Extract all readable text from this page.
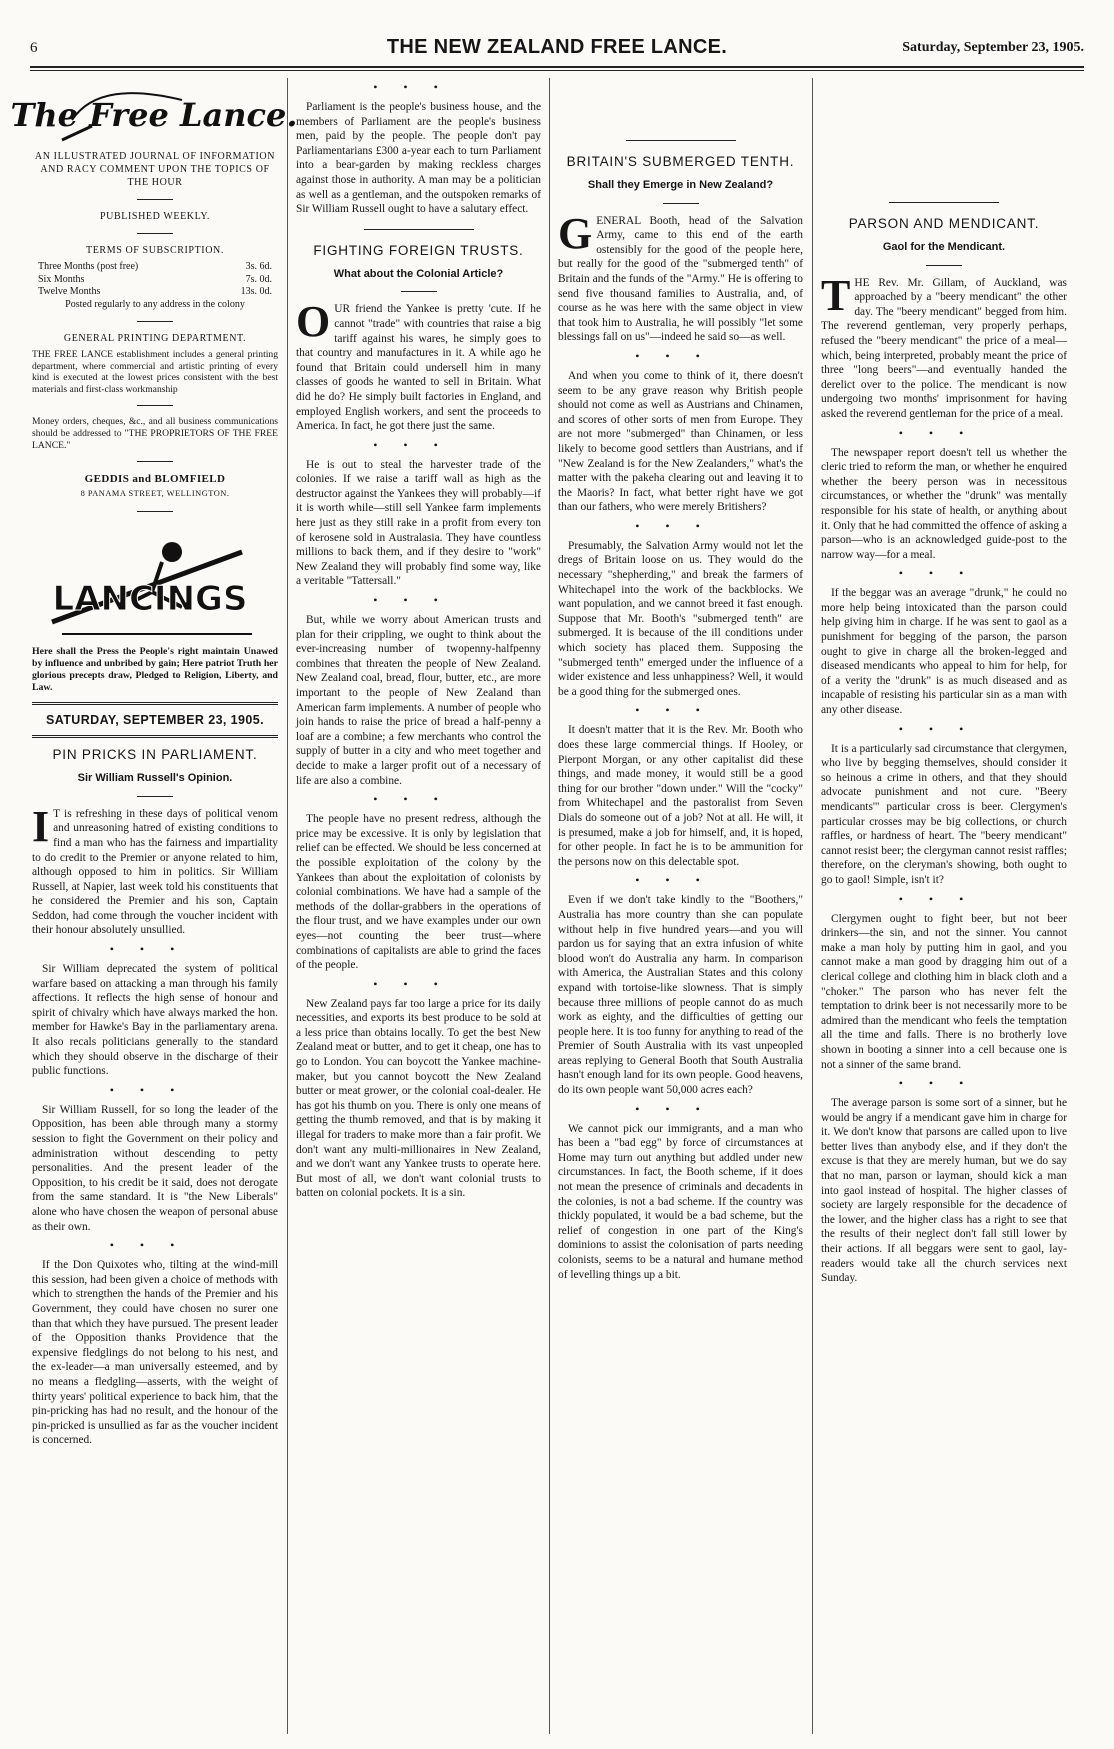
6	THE NEW ZEALAND FREE LANCE.	Saturday, September 23, 1905.
The Free Lance.
AN ILLUSTRATED JOURNAL OF INFORMATION AND RACY COMMENT UPON THE TOPICS OF THE HOUR
PUBLISHED WEEKLY.
TERMS OF SUBSCRIPTION.
Three Months (post free)	3s. 6d.
Six Months	7s. 0d.
Twelve Months	13s. 0d.
Posted regularly to any address in the colony
GENERAL PRINTING DEPARTMENT.
THE FREE LANCE establishment includes a general printing department, where commercial and artistic printing of every kind is executed at the lowest prices consistent with the best materials and first-class workmanship
Money orders, cheques, &c., and all business communications should be addressed to "THE PROPRIETORS OF THE FREE LANCE."
GEDDIS and BLOMFIELD
8 PANAMA STREET, WELLINGTON.
LANCINGS
Here shall the Press the People's right maintain Unawed by influence and unbribed by gain; Here patriot Truth her glorious precepts draw, Pledged to Religion, Liberty, and Law.
SATURDAY, SEPTEMBER 23, 1905.
PIN PRICKS IN PARLIAMENT.
Sir William Russell's Opinion.

I T is refreshing in these days of political venom and unreasoning hatred of existing conditions to find a man who has the fairness and impartiality to do credit to the Premier or anyone related to him, although opposed to him in politics. Sir William Russell, at Napier, last week told his constituents that he considered the Premier and his son, Captain Seddon, had come through the voucher incident with their honour absolutely unsullied.

•••

Sir William deprecated the system of political warfare based on attacking a man through his family affections. It reflects the high sense of honour and spirit of chivalry which have always marked the hon. member for Hawke's Bay in the parliamentary arena. It also recals politicians generally to the standard which they should observe in the discharge of their public functions.

•••

Sir William Russell, for so long the leader of the Opposition, has been able through many a stormy session to fight the Government on their policy and administration without descending to petty personalities. And the present leader of the Opposition, to his credit be it said, does not derogate from the same standard. It is "the New Liberals" alone who have chosen the weapon of personal abuse as their own.

•••

If the Don Quixotes who, tilting at the wind-mill this session, had been given a choice of methods with which to strengthen the hands of the Premier and his Government, they could have chosen no surer one than that which they have pursued. The present leader of the Opposition thanks Providence that the expensive fledglings do not belong to his nest, and the ex-leader—a man universally esteemed, and by no means a fledgling—asserts, with the weight of thirty years' political experience to back him, that the pin-pricking has had no result, and the honour of the pin-pricked is unsullied as far as the voucher incident is concerned.

•••

Parliament is the people's business house, and the members of Parliament are the people's business men, paid by the people. The people don't pay Parliamentarians £300 a-year each to turn Parliament into a bear-garden by making reckless charges against those in authority. A man may be a politician as well as a gentleman, and the outspoken remarks of Sir William Russell ought to have a salutary effect.

FIGHTING FOREIGN TRUSTS.
What about the Colonial Article?

OUR friend the Yankee is pretty 'cute. If he cannot "trade" with countries that raise a big tariff against his wares, he simply goes to that country and manufactures in it. A while ago he found that Britain could undersell him in many classes of goods he wanted to sell in Britain. What did he do? He simply built factories in England, and employed English workers, and sent the proceeds to America. In fact, he got there just the same.

•••

He is out to steal the harvester trade of the colonies. If we raise a tariff wall as high as the destructor against the Yankees they will probably—if it is worth while—still sell Yankee farm implements here just as they still rake in a profit from every ton of kerosene sold in Australasia. They have countless millions to back them, and if they desire to "work" New Zealand they will probably find some way, like a veritable "Tattersall."

•••

But, while we worry about American trusts and plan for their crippling, we ought to think about the ever-increasing number of twopenny-halfpenny combines that threaten the people of New Zealand. New Zealand coal, bread, flour, butter, etc., are more important to the people of New Zealand than American farm implements. A number of people who join hands to raise the price of bread a half-penny a loaf are a combine; a few merchants who control the supply of butter in a city and who meet together and decide to make a larger profit out of a necessary of life are also a combine.

•••

The people have no present redress, although the price may be excessive. It is only by legislation that relief can be effected. We should be less concerned at the possible exploitation of the colony by the Yankees than about the exploitation of colonists by colonial combinations. We have had a sample of the methods of the dollar-grabbers in the operations of the flour trust, and we have examples under our own eyes—not counting the beer trust—where combinations of capitalists are able to grind the faces of the people.

•••

New Zealand pays far too large a price for its daily necessities, and exports its best produce to be sold at a less price than obtains locally. To get the best New Zealand meat or butter, and to get it cheap, one has to go to London. You can boycott the Yankee machine-maker, but you cannot boycott the New Zealand butter or meat grower, or the colonial coal-dealer. He has got his thumb on you. There is only one means of getting the thumb removed, and that is by making it illegal for traders to make more than a fair profit. We don't want any multi-millionaires in New Zealand, and we don't want any Yankee trusts to operate here. But most of all, we don't want colonial trusts to batten on colonial pockets. It is a sin.

BRITAIN'S SUBMERGED TENTH.
Shall they Emerge in New Zealand?

GENERAL Booth, head of the Salvation Army, came to this end of the earth ostensibly for the good of the people here, but really for the good of the "submerged tenth" of Britain and the funds of the "Army." He is offering to send five thousand families to Australia, and, of course as he was here with the same object in view that took him to Australia, he will possibly "let some blessings fall on us"—indeed he said so—as well.

•••

And when you come to think of it, there doesn't seem to be any grave reason why British people should not come as well as Austrians and Chinamen, and scores of other sorts of men from Europe. They are not more "submerged" than Chinamen, or less likely to become good settlers than Austrians, and if "New Zealand is for the New Zealanders," what's the matter with the pakeha clearing out and leaving it to the Maoris? In fact, what better right have we got than our fathers, who were merely Britishers?

•••

Presumably, the Salvation Army would not let the dregs of Britain loose on us. They would do the necessary "shepherding," and break the farmers of Whitechapel into the work of the backblocks. We want population, and we cannot breed it fast enough. Suppose that Mr. Booth's "submerged tenth" are submerged. It is because of the ill conditions under which society has placed them. Supposing the "submerged tenth" emerged under the influence of a wider existence and less unhappiness? Well, it would be a good thing for the submerged ones.

•••

It doesn't matter that it is the Rev. Mr. Booth who does these large commercial things. If Hooley, or Pierpont Morgan, or any other capitalist did these things, and made money, it would still be a good thing for our brother "down under." Will the "cocky" from Whitechapel and the pastoralist from Seven Dials do someone out of a job? Not at all. He will, it is presumed, make a job for himself, and, it is hoped, for other people. In fact he is to be ammunition for the persons now on this delectable spot.

•••

Even if we don't take kindly to the "Boothers," Australia has more country than she can populate without help in five hundred years—and you will pardon us for saying that an extra infusion of white blood won't do Australia any harm. In comparison with America, the Australian States and this colony expand with tortoise-like slowness. That is simply because three millions of people cannot do as much work as eighty, and the difficulties of getting our people here. It is too funny for anything to read of the Premier of South Australia with its vast unpeopled areas replying to General Booth that South Australia hasn't enough land for its own people. Good heavens, do its own people want 50,000 acres each?

•••

We cannot pick our immigrants, and a man who has been a "bad egg" by force of circumstances at Home may turn out anything but addled under new circumstances. In fact, the Booth scheme, if it does not mean the presence of criminals and decadents in the colonies, is not a bad scheme. If the country was thickly populated, it would be a bad scheme, but the relief of congestion in one part of the King's dominions to assist the colonisation of parts needing colonists, seems to be a natural and humane method of levelling things up a bit.

PARSON AND MENDICANT.
Gaol for the Mendicant.

THE Rev. Mr. Gillam, of Auckland, was approached by a "beery mendicant" the other day. The "beery mendicant" begged from him. The reverend gentleman, very properly perhaps, refused the "beery mendicant" the price of a meal—which, being interpreted, probably meant the price of three "long beers"—and eventually handed the derelict over to the police. The mendicant is now undergoing two months' imprisonment for having asked the reverend gentleman for the price of a meal.

•••

The newspaper report doesn't tell us whether the cleric tried to reform the man, or whether he enquired whether the beery person was in necessitous circumstances, or whether the "drunk" was mentally responsible for his state of health, or anything about it. Only that he had committed the offence of asking a parson—who is an acknowledged guide-post to the narrow way—for a meal.

•••

If the beggar was an average "drunk," he could no more help being intoxicated than the parson could help giving him in charge. If he was sent to gaol as a punishment for begging of the parson, the parson ought to give in charge all the broken-legged and diseased mendicants who appeal to him for help, for of a verity the "drunk" is as much diseased and as incapable of resisting his particular sin as a man with any other disease.

•••

It is a particularly sad circumstance that clergymen, who live by begging themselves, should consider it so heinous a crime in others, and that they should advocate punishment and not cure. "Beery mendicants'" particular cross is beer. Clergymen's particular crosses may be big collections, or church raffles, or hardness of heart. The "beery mendicant" cannot resist beer; the clergyman cannot resist raffles; therefore, on the cleryman's showing, both ought to go to gaol! Simple, isn't it?

•••

Clergymen ought to fight beer, but not beer drinkers—the sin, and not the sinner. You cannot make a man holy by putting him in gaol, and you cannot make a man good by dragging him out of a clerical college and clothing him in black cloth and a "choker." The parson who has never felt the temptation to drink beer is not necessarily more to be admired than the mendicant who feels the temptation all the time and falls. There is no brotherly love shown in booting a sinner into a cell because one is not a sinner of the same brand.

•••

The average parson is some sort of a sinner, but he would be angry if a mendicant gave him in charge for it. We don't know that parsons are called upon to live better lives than anybody else, and if they don't the excuse is that they are merely human, but we do say that no man, parson or layman, should kick a man into gaol instead of hospital. The higher classes of society are largely responsible for the decadence of the lower, and the higher class has a right to see that the results of their neglect don't fall still lower by their actions. If all beggars were sent to gaol, lay-readers would take all the church services next Sunday.
